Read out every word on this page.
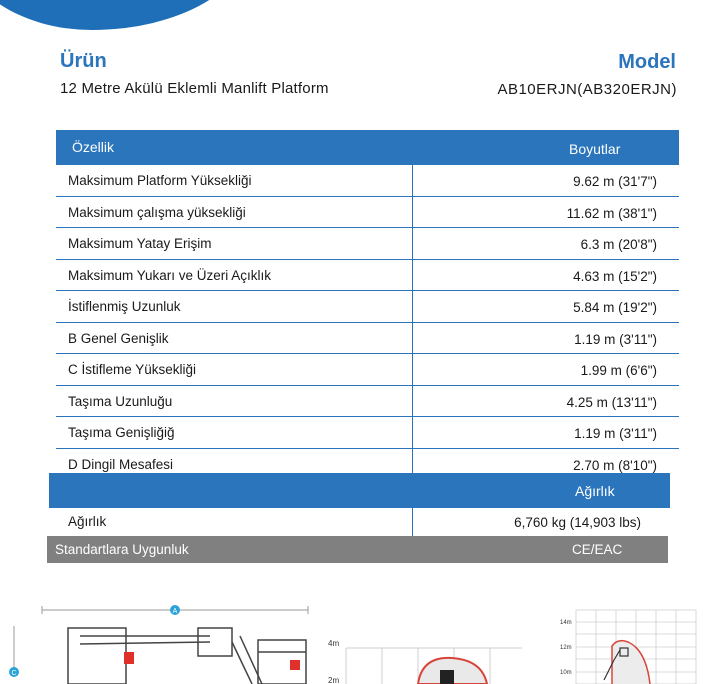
Ürün
12 Metre Akülü Eklemli Manlift Platform
Model
AB10ERJN(AB320ERJN)
Özellik	Boyutlar
Maksimum Platform Yüksekliği	9.62 m (31'7")
Maksimum çalışma yüksekliği	11.62 m (38'1")
Maksimum Yatay Erişim	6.3 m (20'8")
Maksimum Yukarı ve Üzeri Açıklık	4.63 m (15'2")
İstiflenmiş Uzunluk	5.84 m (19'2")
B Genel Genişlik	1.19 m (3'11")
C İstifleme Yüksekliği	1.99 m (6'6")
Taşıma Uzunluğu	4.25 m (13'11")
Taşıma Genişliğiğ	1.19 m (3'11")
D Dingil Mesafesi	2.70 m (8'10")
Ağırlık
Ağırlık	6,760 kg (14,903 lbs)
Standartlara Uygunluk	CE/EAC
A
C
4m
2m
14m
12m
10m
